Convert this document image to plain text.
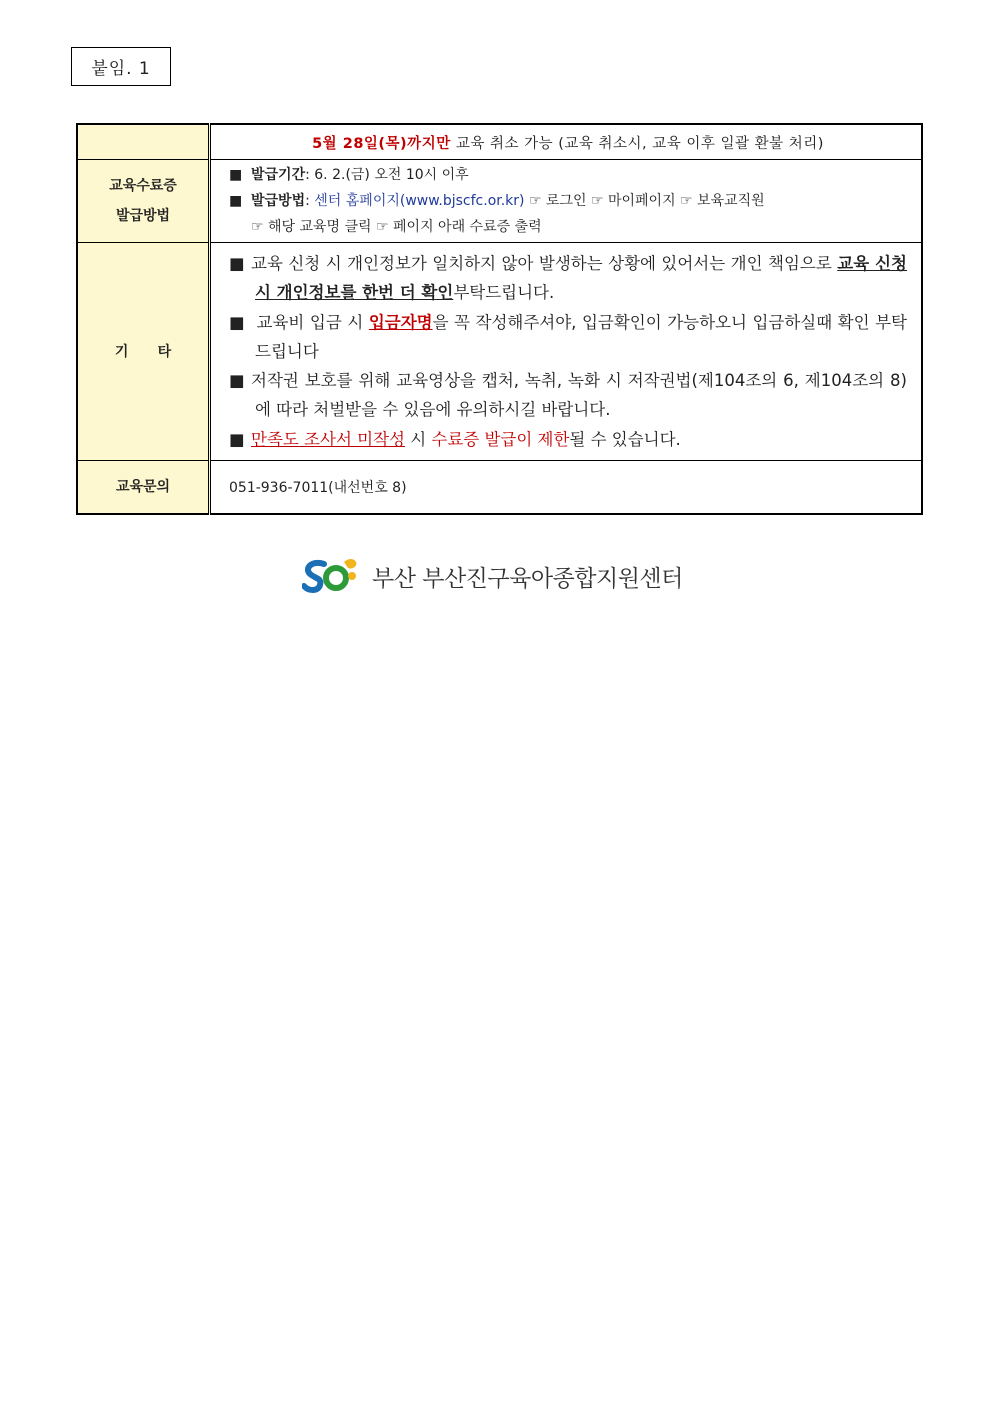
붙임. 1
	5월 28일(목)까지만 교육 취소 가능 (교육 취소시, 교육 이후 일괄 환불 처리)

교육수료증
발급방법	■ 발급기간: 6. 2.(금) 오전 10시 이후
■ 발급방법: 센터 홈페이지(www.bjscfc.or.kr) ☞ 로그인 ☞ 마이페이지 ☞ 보육교직원
☞ 해당 교육명 클릭 ☞ 페이지 아래 수료증 출력

기      타	■ 교육 신청 시 개인정보가 일치하지 않아 발생하는 상황에 있어서는 개인 책임으로 교육 신청 시 개인정보를 한번 더 확인부탁드립니다.
■ 교육비 입금 시 입금자명을 꼭 작성해주셔야, 입금확인이 가능하오니 입금하실때 확인 부탁드립니다
■ 저작권 보호를 위해 교육영상을 캡처, 녹취, 녹화 시 저작권법(제104조의 6, 제104조의 8) 에 따라 처벌받을 수 있음에 유의하시길 바랍니다.
■ 만족도 조사서 미작성 시 수료증 발급이 제한될 수 있습니다.

교육문의	051-936-7011(내선번호 8)
부산 부산진구육아종합지원센터
